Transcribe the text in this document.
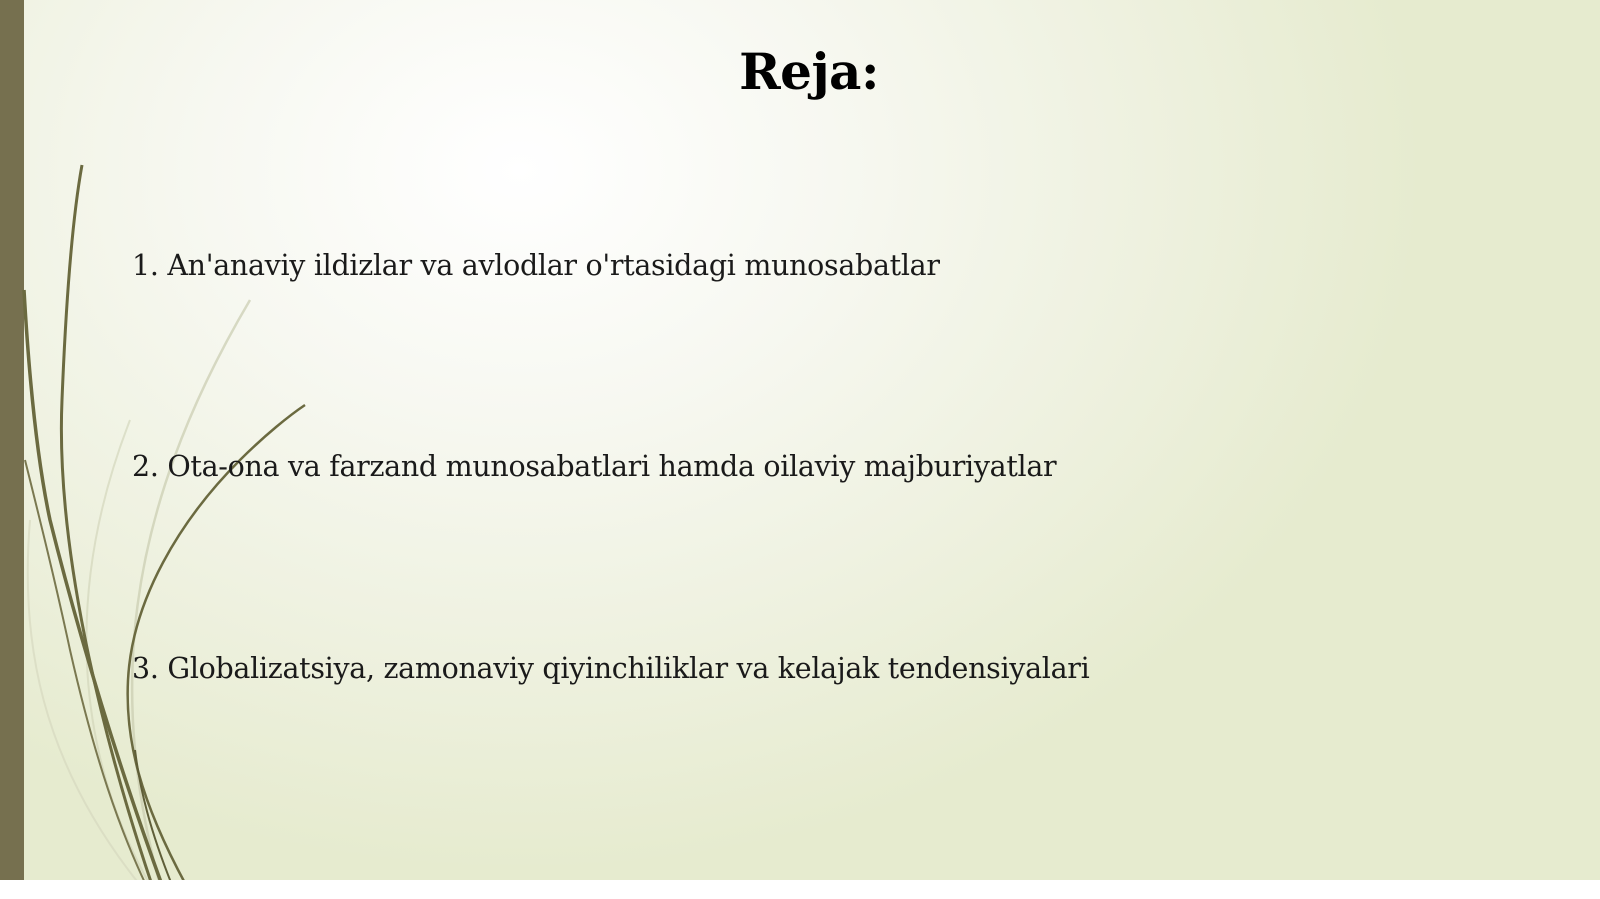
Reja:
1. An'anaviy ildizlar va avlodlar o'rtasidagi munosabatlar
2. Ota-ona va farzand munosabatlari hamda oilaviy majburiyatlar
3. Globalizatsiya, zamonaviy qiyinchiliklar va kelajak tendensiyalari
